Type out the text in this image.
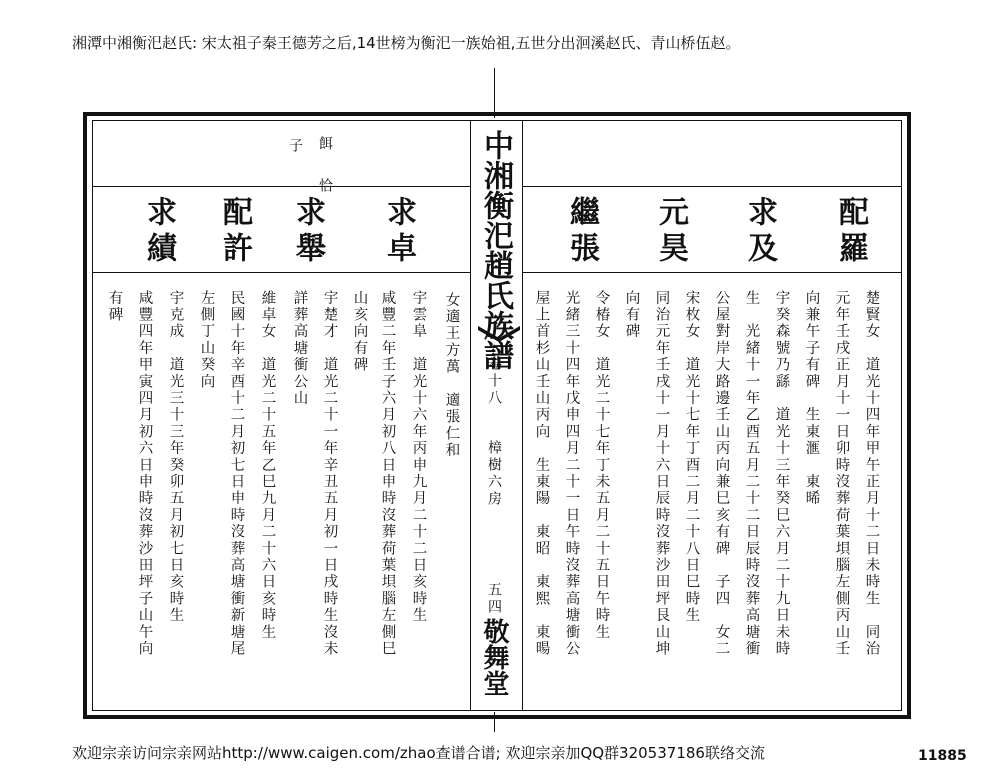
湘潭中湘衡汜赵氏: 宋太祖子秦王德芳之后,14世榜为衡汜一族始祖,五世分出洄溪赵氏、青山桥伍赵。
中湘衡汜趙氏族譜
卷十八
樟樹六房
五四
敬舞堂
子 餌 恰
求卓
求舉
配許
求績
女適王方萬　適張仁和
宇雲阜　道光十六年丙申九月二十二日亥時生
咸豐二年壬子六月初八日申時沒葬荷葉垻腦左側巳
山亥向有碑
宇楚才　道光二十一年辛丑五月初一日戌時生沒未
詳葬高塘衝公山
維卓女　道光二十五年乙巳九月二十六日亥時生
民國十年辛酉十二月初七日申時沒葬高塘衝新塘尾
左側丁山癸向
宇克成　道光三十三年癸卯五月初七日亥時生
咸豐四年甲寅四月初六日申時沒葬沙田坪子山午向
有碑
配羅
求及
元昊
繼張
楚賢女　道光十四年甲午正月十二日未時生　同治
元年壬戌正月十一日卯時沒葬荷葉垻腦左側丙山壬
向兼午子有碑　生東滙　東晞
宇癸森號乃繇　道光十三年癸巳六月二十九日未時
生　光緒十一年乙酉五月二十二日辰時沒葬高塘衝
公屋對岸大路邊壬山丙向兼巳亥有碑　子四　女二
宋枚女　道光十七年丁酉二月二十八日巳時生
同治元年壬戌十一月十六日辰時沒葬沙田坪艮山坤
向有碑
令椿女　道光二十七年丁未五月二十五日午時生
光緒三十四年戊申四月二十一日午時沒葬高塘衝公
屋上首杉山壬山丙向　生東陽　東昭　東熙　東暘
欢迎宗亲访问宗亲网站http://www.caigen.com/zhao查谱合谱; 欢迎宗亲加QQ群320537186联络交流	11885
